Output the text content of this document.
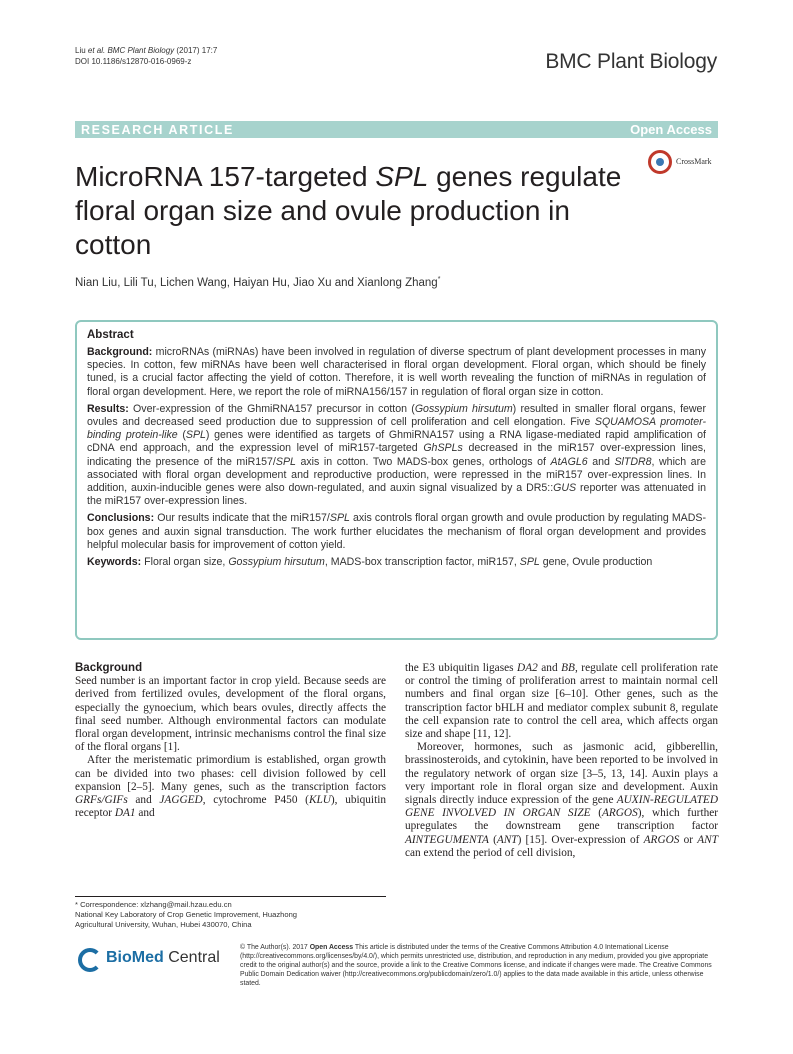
Liu et al. BMC Plant Biology (2017) 17:7
DOI 10.1186/s12870-016-0969-z	BMC Plant Biology
RESEARCH ARTICLE	Open Access
MicroRNA 157-targeted SPL genes regulate floral organ size and ovule production in cotton
CrossMark
Nian Liu, Lili Tu, Lichen Wang, Haiyan Hu, Jiao Xu and Xianlong Zhang*
Abstract

Background: microRNAs (miRNAs) have been involved in regulation of diverse spectrum of plant development processes in many species. In cotton, few miRNAs have been well characterised in floral organ development. Floral organ, which should be finely tuned, is a crucial factor affecting the yield of cotton. Therefore, it is well worth revealing the function of miRNAs in regulation of floral organ development. Here, we report the role of miRNA156/157 in regulation of floral organ size in cotton.

Results: Over-expression of the GhmiRNA157 precursor in cotton (Gossypium hirsutum) resulted in smaller floral organs, fewer ovules and decreased seed production due to suppression of cell proliferation and cell elongation. Five SQUAMOSA promoter-binding protein-like (SPL) genes were identified as targets of GhmiRNA157 using a RNA ligase-mediated rapid amplification of cDNA end approach, and the expression level of miR157-targeted GhSPLs decreased in the miR157 over-expression lines, indicating the presence of the miR157/SPL axis in cotton. Two MADS-box genes, orthologs of AtAGL6 and SlTDR8, which are associated with floral organ development and reproductive production, were repressed in the miR157 over-expression lines. In addition, auxin-inducible genes were also down-regulated, and auxin signal visualized by a DR5::GUS reporter was attenuated in the miR157 over-expression lines.

Conclusions: Our results indicate that the miR157/SPL axis controls floral organ growth and ovule production by regulating MADS-box genes and auxin signal transduction. The work further elucidates the mechanism of floral organ development and provides helpful molecular basis for improvement of cotton yield.

Keywords: Floral organ size, Gossypium hirsutum, MADS-box transcription factor, miR157, SPL gene, Ovule production

Background

Seed number is an important factor in crop yield. Because seeds are derived from fertilized ovules, development of the floral organs, especially the gynoecium, which bears ovules, directly affects the final seed number. Although environmental factors can modulate floral organ development, intrinsic mechanisms control the final size of the floral organs [1].

After the meristematic primordium is established, organ growth can be divided into two phases: cell division followed by cell expansion [2–5]. Many genes, such as the transcription factors GRFs/GIFs and JAGGED, cytochrome P450 (KLU), ubiquitin receptor DA1 and

the E3 ubiquitin ligases DA2 and BB, regulate cell proliferation rate or control the timing of proliferation arrest to maintain normal cell numbers and final organ size [6–10]. Other genes, such as the transcription factor bHLH and mediator complex subunit 8, regulate the cell expansion rate to control the cell area, which affects organ size and shape [11, 12].

Moreover, hormones, such as jasmonic acid, gibberellin, brassinosteroids, and cytokinin, have been reported to be involved in the regulatory network of organ size [3–5, 13, 14]. Auxin plays a very important role in floral organ size and development. Auxin signals directly induce expression of the gene AUXIN-REGULATED GENE INVOLVED IN ORGAN SIZE (ARGOS), which further upregulates the downstream gene transcription factor AINTEGUMENTA (ANT) [15]. Over-expression of ARGOS or ANT can extend the period of cell division,

* Correspondence: xlzhang@mail.hzau.edu.cn
National Key Laboratory of Crop Genetic Improvement, Huazhong
Agricultural University, Wuhan, Hubei 430070, China
BioMed Central
© The Author(s). 2017 Open Access This article is distributed under the terms of the Creative Commons Attribution 4.0 International License (http://creativecommons.org/licenses/by/4.0/), which permits unrestricted use, distribution, and reproduction in any medium, provided you give appropriate credit to the original author(s) and the source, provide a link to the Creative Commons license, and indicate if changes were made. The Creative Commons Public Domain Dedication waiver (http://creativecommons.org/publicdomain/zero/1.0/) applies to the data made available in this article, unless otherwise stated.
